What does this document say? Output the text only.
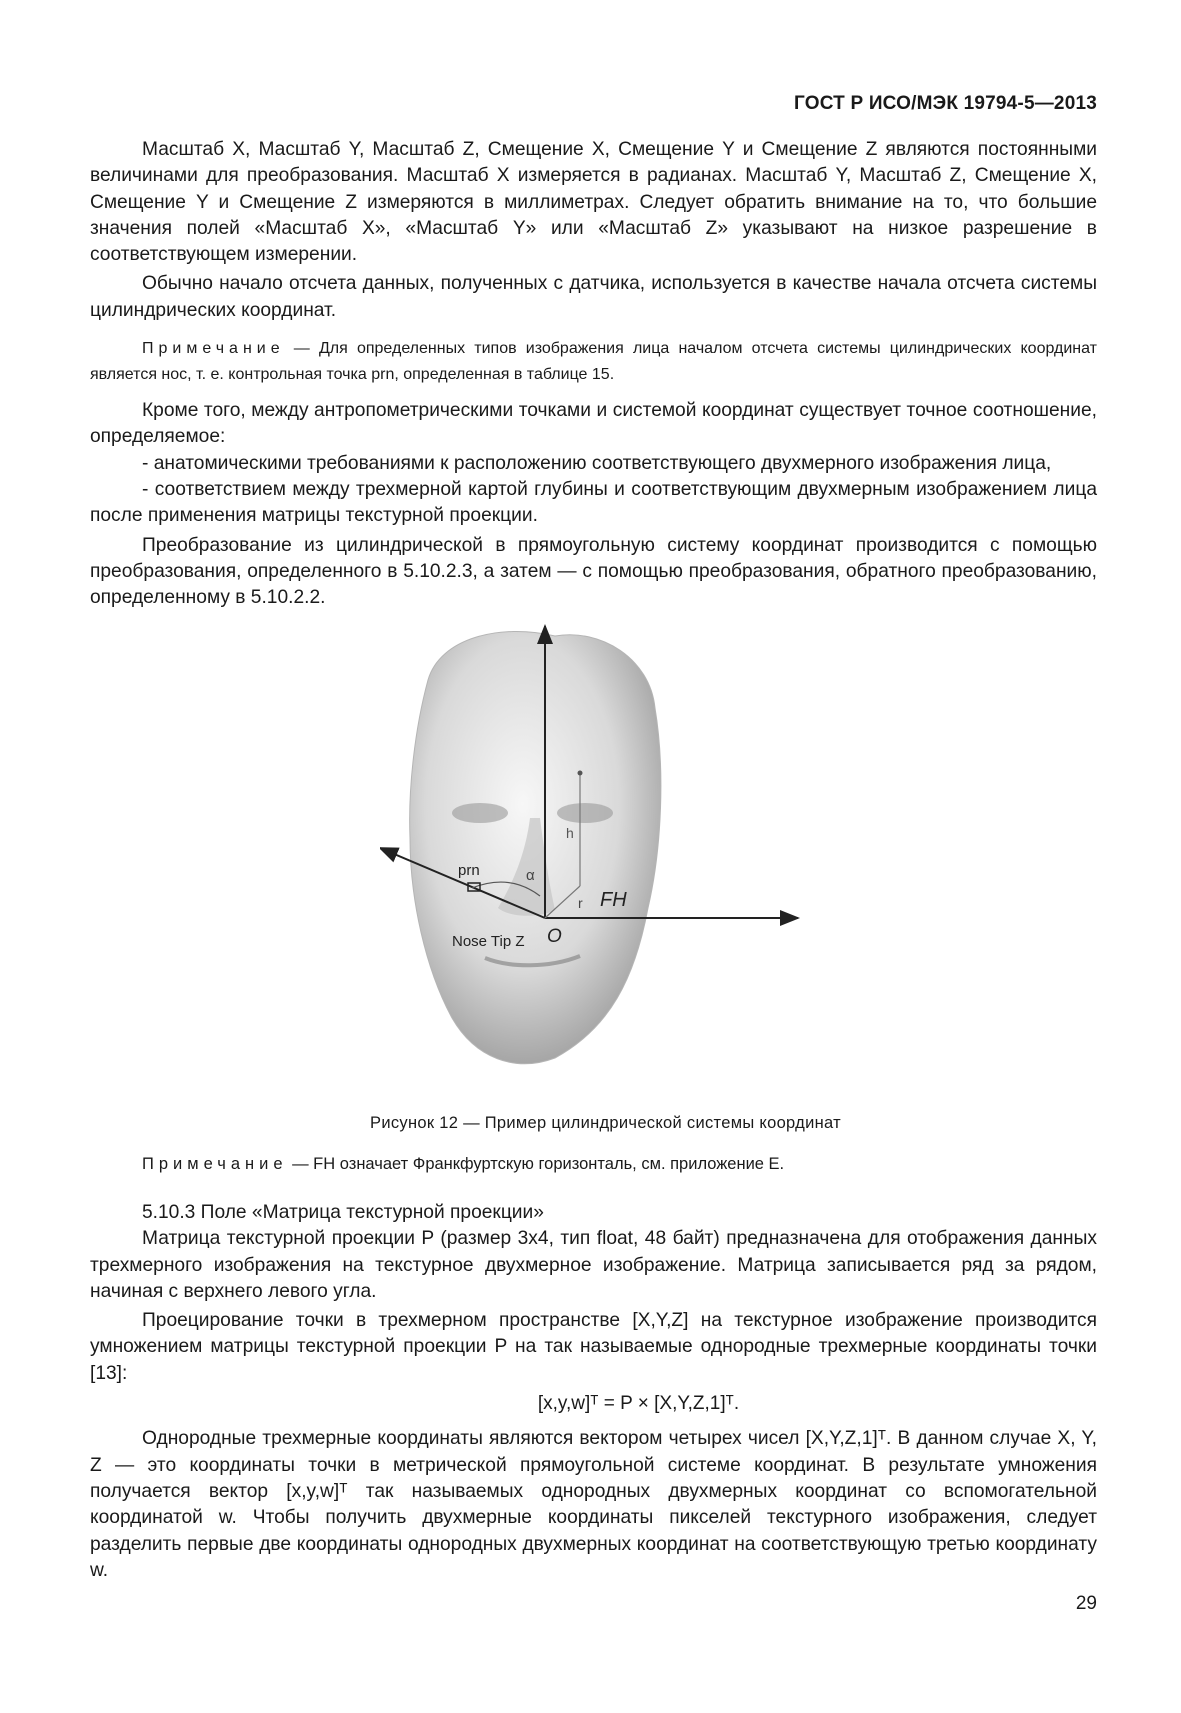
ГОСТ Р ИСО/МЭК 19794-5—2013

Масштаб X, Масштаб Y, Масштаб Z, Смещение X, Смещение Y и Смещение Z являются постоянными величинами для преобразования. Масштаб X измеряется в радианах. Масштаб Y, Масштаб Z, Смещение X, Смещение Y и Смещение Z измеряются в миллиметрах. Следует обратить внимание на то, что большие значения полей «Масштаб X», «Масштаб Y» или «Масштаб Z» указывают на низкое разрешение в соответствующем измерении.

Обычно начало отсчета данных, полученных с датчика, используется в качестве начала отсчета системы цилиндрических координат.

Примечание — Для определенных типов изображения лица началом отсчета системы цилиндрических координат является нос, т. е. контрольная точка prn, определенная в таблице 15.

Кроме того, между антропометрическими точками и системой координат существует точное соотношение, определяемое:

- анатомическими требованиями к расположению соответствующего двухмерного изображения лица,

- соответствием между трехмерной картой глубины и соответствующим двухмерным изображением лица после применения матрицы текстурной проекции.

Преобразование из цилиндрической в прямоугольную систему координат производится с помощью преобразования, определенного в 5.10.2.3, а затем — с помощью преобразования, обратного преобразованию, определенному в 5.10.2.2.

prn	α
h
r FH
O
Nose Tip Z
Рисунок 12 — Пример цилиндрической системы координат
Примечание — FH означает Франкфуртскую горизонталь, см. приложение E.

5.10.3 Поле «Матрица текстурной проекции»

Матрица текстурной проекции P (размер 3x4, тип float, 48 байт) предназначена для отображения данных трехмерного изображения на текстурное двухмерное изображение. Матрица записывается ряд за рядом, начиная с верхнего левого угла.

Проецирование точки в трехмерном пространстве [X,Y,Z] на текстурное изображение производится умножением матрицы текстурной проекции P на так называемые однородные трехмерные координаты точки [13]:

[x,y,w]ᵀ = P × [X,Y,Z,1]ᵀ.

Однородные трехмерные координаты являются вектором четырех чисел [X,Y,Z,1]ᵀ. В данном случае X, Y, Z — это координаты точки в метрической прямоугольной системе координат. В результате умножения получается вектор [x,y,w]ᵀ так называемых однородных двухмерных координат со вспомогательной координатой w. Чтобы получить двухмерные координаты пикселей текстурного изображения, следует разделить первые две координаты однородных двухмерных координат на соответствующую третью координату w.

29
